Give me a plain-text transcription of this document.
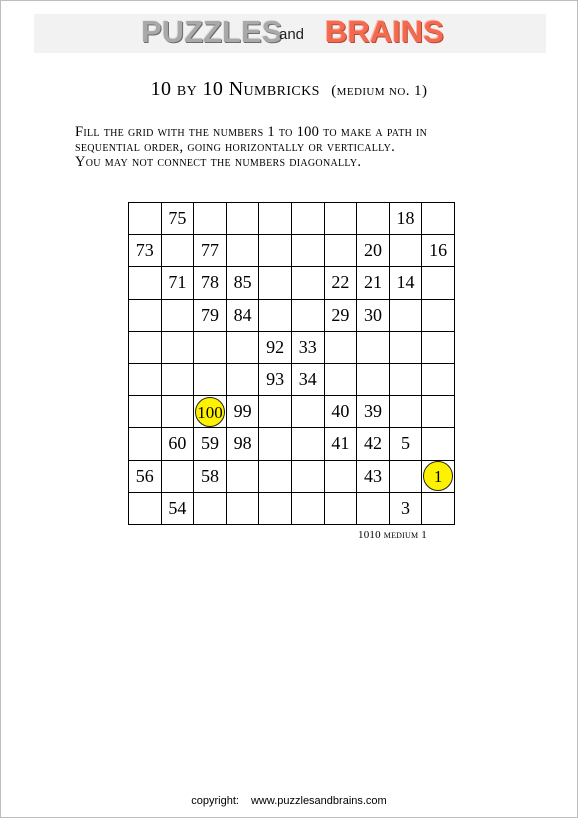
PUZZLES
and BRAINS
10 by 10 Numbricks (medium no. 1)
Fill the grid with the numbers 1 to 100 to make a path in
sequential order, going horizontally or vertically.
You may not connect the numbers diagonally.
	75							18	
73		77					20		16
	71	78	85			22	21	14	
		79	84			29	30		
				92	33				
				93	34				
		100	99			40	39		
	60	59	98			41	42	5	
56		58					43		1
	54							3	
1010 medium 1
copyright: www.puzzlesandbrains.com
